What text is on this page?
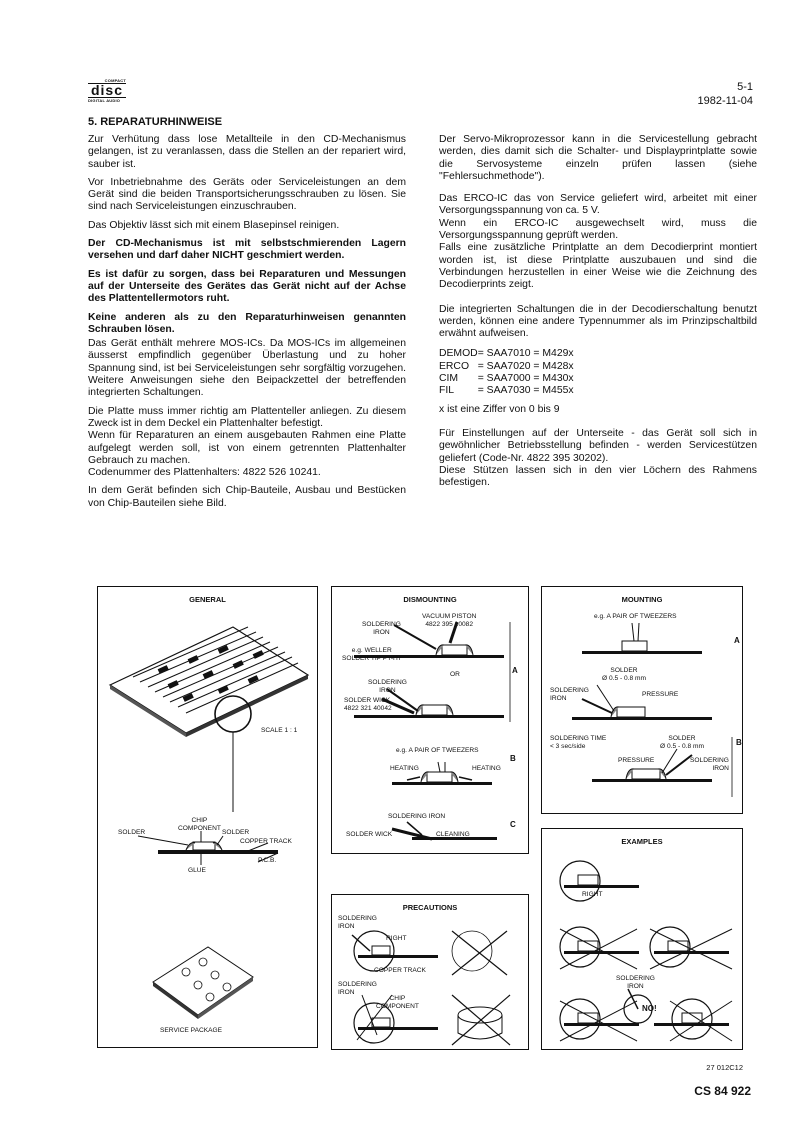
COMPACT
disc
DIGITAL AUDIO
5-1
1982-11-04
5. REPARATURHINWEISE

Zur Verhütung dass lose Metallteile in den CD-Mechanismus gelangen, ist zu veranlassen, dass die Stellen an der repariert wird, sauber ist.

Vor Inbetriebnahme des Geräts oder Serviceleistungen an dem Gerät sind die beiden Transportsicherungsschrauben zu lösen. Sie sind nach Serviceleistungen einzuschrauben.

Das Objektiv lässt sich mit einem Blasepinsel reinigen.

Der CD-Mechanismus ist mit selbstschmierenden Lagern versehen und darf daher NICHT geschmiert werden.

Es ist dafür zu sorgen, dass bei Reparaturen und Messungen auf der Unterseite des Gerätes das Gerät nicht auf der Achse des Plattentellermotors ruht.

Keine anderen als zu den Reparaturhinweisen genannten Schrauben lösen.

Das Gerät enthält mehrere MOS-ICs. Da MOS-ICs im allgemeinen äusserst empfindlich gegenüber Überlastung und zu hoher Spannung sind, ist bei Serviceleistungen sehr sorgfältig vorzugehen. Weitere Anweisungen siehe den Beipackzettel der betreffenden integrierten Schaltungen.

Die Platte muss immer richtig am Plattenteller anliegen. Zu diesem Zweck ist in dem Deckel ein Plattenhalter befestigt.

Wenn für Reparaturen an einem ausgebauten Rahmen eine Platte aufgelegt werden soll, ist von einem getrennten Plattenhalter Gebrauch zu machen.

Codenummer des Plattenhalters: 4822 526 10241.

In dem Gerät befinden sich Chip-Bauteile, Ausbau und Bestücken von Chip-Bauteilen siehe Bild.

Der Servo-Mikroprozessor kann in die Servicestellung gebracht werden, dies damit sich die Schalter- und Displayprintplatte sowie die Servosysteme einzeln prüfen lassen (siehe "Fehlersuchmethode").

Das ERCO-IC das von Service geliefert wird, arbeitet mit einer Versorgungsspannung von ca. 5 V.

Wenn ein ERCO-IC ausgewechselt wird, muss die Versorgungsspannung geprüft werden.

Falls eine zusätzliche Printplatte an dem Decodierprint montiert worden ist, ist diese Printplatte auszubauen und sind die Verbindungen herzustellen in einer Weise wie die Zeichnung des Decodierprints zeigt.

Die integrierten Schaltungen die in der Decodierschaltung benutzt werden, können eine andere Typennummer als im Prinzipschaltbild erwähnt aufweisen.

DEMOD	= SAA7010 = M429x
ERCO	= SAA7020 = M428x
CIM	= SAA7000 = M430x
FIL	= SAA7030 = M455x

x ist eine Ziffer von 0 bis 9

Für Einstellungen auf der Unterseite - das Gerät soll sich in gewöhnlicher Betriebsstellung befinden - werden Servicestützen geliefert (Code-Nr. 4822 395 30202).

Diese Stützen lassen sich in den vier Löchern des Rahmens befestigen.

GENERAL
SCALE 1 : 1
CHIP
COMPONENT
SOLDER	SOLDER
COPPER TRACK
P.C.B.
GLUE
SERVICE PACKAGE
DISMOUNTING
VACUUM PISTON
4822 395 10082
SOLDERING
IRON
e.g. WELLER
SOLDER TIP PT-H7
OR
SOLDERING
IRON
SOLDER WICK
4822 321 40042
e.g. A PAIR OF TWEEZERS
HEATING	HEATING
SOLDERING IRON
SOLDER WICK	CLEANING
A
B
C
MOUNTING
e.g. A PAIR OF TWEEZERS
SOLDER
Ø 0.5 - 0.8 mm
SOLDERING
IRON	PRESSURE
SOLDERING TIME
< 3 sec/side
SOLDER
Ø 0.5 - 0.8 mm
PRESSURE	SOLDERING
IRON
A
B
PRECAUTIONS
SOLDERING
IRON
RIGHT
COPPER TRACK
SOLDERING
IRON
CHIP
COMPONENT
EXAMPLES
RIGHT
SOLDERING
IRON
NO!
27 012C12
CS 84 922
